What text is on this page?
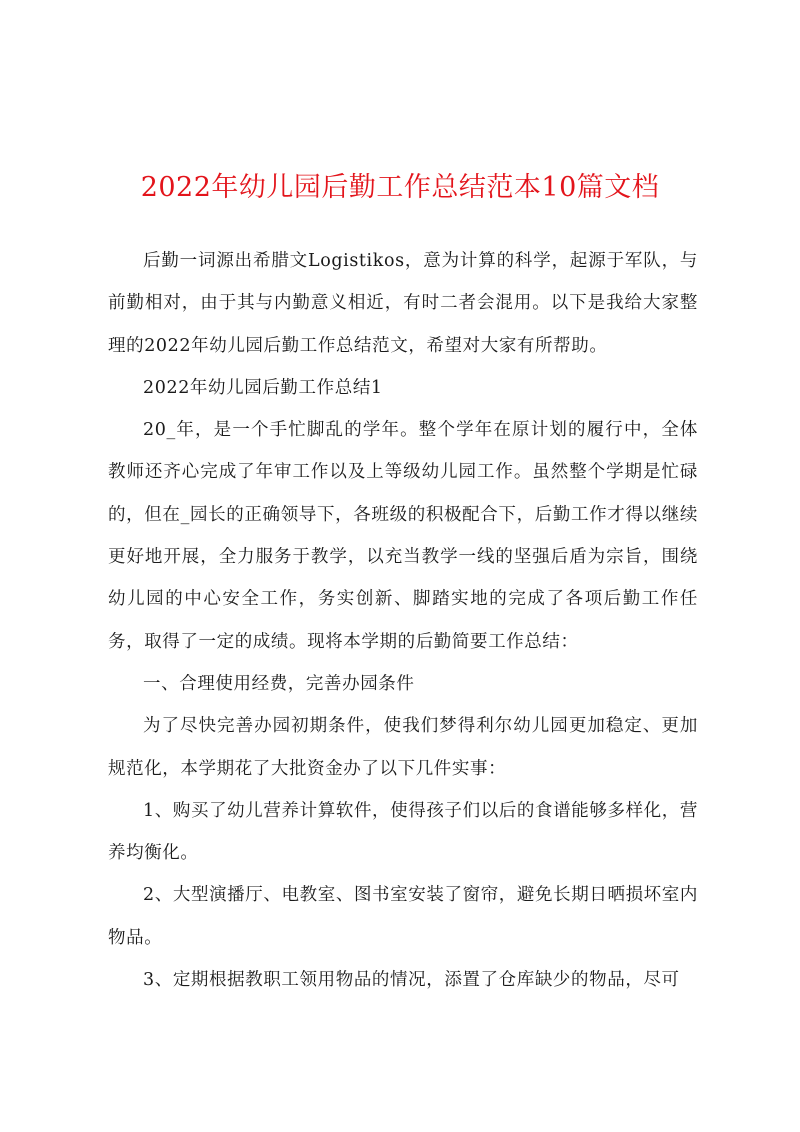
2022年幼儿园后勤工作总结范本10篇文档

后勤一词源出希腊文Logistikos，意为计算的科学，起源于军队，与前勤相对，由于其与内勤意义相近，有时二者会混用。以下是我给大家整理的2022年幼儿园后勤工作总结范文，希望对大家有所帮助。

2022年幼儿园后勤工作总结1

20_年，是一个手忙脚乱的学年。整个学年在原计划的履行中，全体教师还齐心完成了年审工作以及上等级幼儿园工作。虽然整个学期是忙碌的，但在_园长的正确领导下，各班级的积极配合下，后勤工作才得以继续更好地开展，全力服务于教学，以充当教学一线的坚强后盾为宗旨，围绕幼儿园的中心安全工作，务实创新、脚踏实地的完成了各项后勤工作任务，取得了一定的成绩。现将本学期的后勤简要工作总结：

一、合理使用经费，完善办园条件

为了尽快完善办园初期条件，使我们梦得利尔幼儿园更加稳定、更加规范化，本学期花了大批资金办了以下几件实事：

1、购买了幼儿营养计算软件，使得孩子们以后的食谱能够多样化，营养均衡化。

2、大型演播厅、电教室、图书室安装了窗帘，避免长期日晒损坏室内物品。

3、定期根据教职工领用物品的情况，添置了仓库缺少的物品，尽可
